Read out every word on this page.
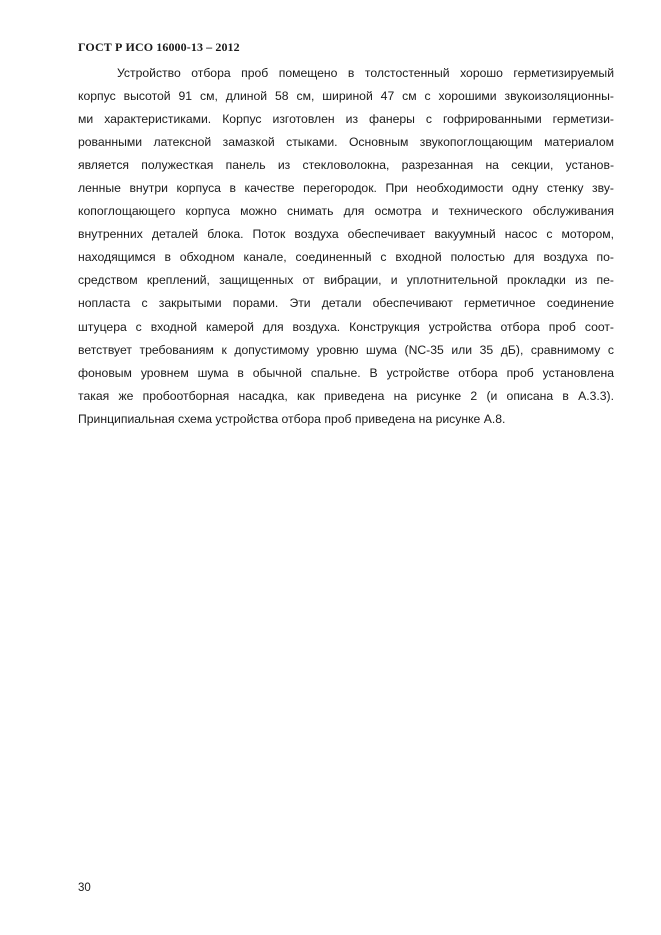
ГОСТ Р ИСО 16000-13 – 2012
Устройство отбора проб помещено в толстостенный хорошо герметизируемый
корпус высотой 91 см, длиной 58 см, шириной 47 см с хорошими звукоизоляционны-
ми характеристиками. Корпус изготовлен из фанеры с гофрированными герметизи-
рованными латексной замазкой стыками. Основным звукопоглощающим материалом
является полужесткая панель из стекловолокна, разрезанная на секции, установ-
ленные внутри корпуса в качестве перегородок. При необходимости одну стенку зву-
копоглощающего корпуса можно снимать для осмотра и технического обслуживания
внутренних деталей блока. Поток воздуха обеспечивает вакуумный насос с мотором,
находящимся в обходном канале, соединенный с входной полостью для воздуха по-
средством креплений, защищенных от вибрации, и уплотнительной прокладки из пе-
нопласта с закрытыми порами. Эти детали обеспечивают герметичное соединение
штуцера с входной камерой для воздуха. Конструкция устройства отбора проб соот-
ветствует требованиям к допустимому уровню шума (NC-35 или 35 дБ), сравнимому с
фоновым уровнем шума в обычной спальне. В устройстве отбора проб установлена
такая же пробоотборная насадка, как приведена на рисунке 2 (и описана в А.3.3).
Принципиальная схема устройства отбора проб приведена на рисунке А.8.
30
